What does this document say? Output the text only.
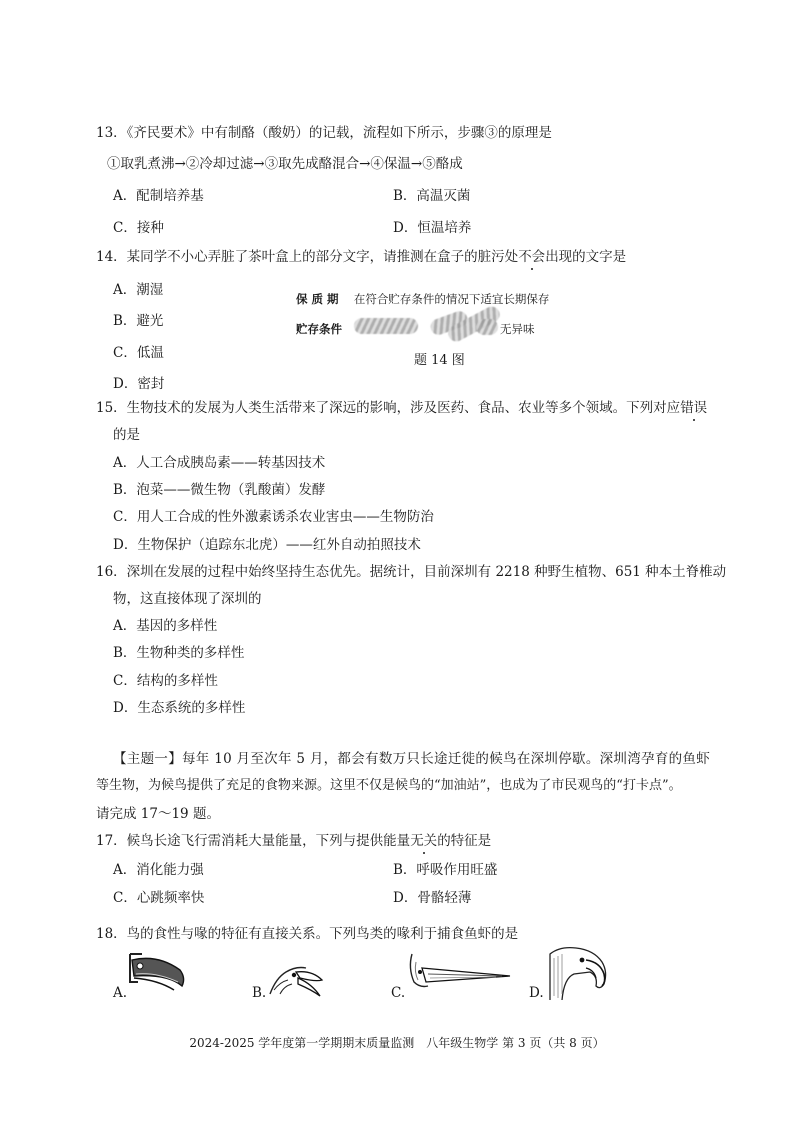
13．《齐民要术》中有制酪（酸奶）的记载，流程如下所示，步骤③的原理是
①取乳煮沸→②冷却过滤→③取先成酪混合→④保温→⑤酪成
A．配制培养基	B．高温灭菌
C．接种	D．恒温培养
14．某同学不小心弄脏了茶叶盒上的部分文字，请推测在盒子的脏污处不会出现的文字是
A．潮湿
B．避光
C．低温
D．密封
保 质 期 在符合贮存条件的情况下适宜长期保存
贮存条件	无异味
题 14 图
15．生物技术的发展为人类生活带来了深远的影响，涉及医药、食品、农业等多个领域。下列对应错误
的是
A．人工合成胰岛素——转基因技术
B．泡菜——微生物（乳酸菌）发酵
C．用人工合成的性外激素诱杀农业害虫——生物防治
D．生物保护（追踪东北虎）——红外自动拍照技术
16．深圳在发展的过程中始终坚持生态优先。据统计，目前深圳有 2218 种野生植物、651 种本土脊椎动
物，这直接体现了深圳的
A．基因的多样性
B．生物种类的多样性
C．结构的多样性
D．生态系统的多样性
【主题一】每年 10 月至次年 5 月，都会有数万只长途迁徙的候鸟在深圳停歇。深圳湾孕育的鱼虾
等生物，为候鸟提供了充足的食物来源。这里不仅是候鸟的“加油站”，也成为了市民观鸟的“打卡点”。
请完成 17～19 题。
17．候鸟长途飞行需消耗大量能量，下列与提供能量无关的特征是
A．消化能力强	B．呼吸作用旺盛
C．心跳频率快	D．骨骼轻薄
18．鸟的食性与喙的特征有直接关系。下列鸟类的喙利于捕食鱼虾的是
A.	B.	C.	D.
2024-2025 学年度第一学期期末质量监测　八年级生物学 第 3 页（共 8 页）
